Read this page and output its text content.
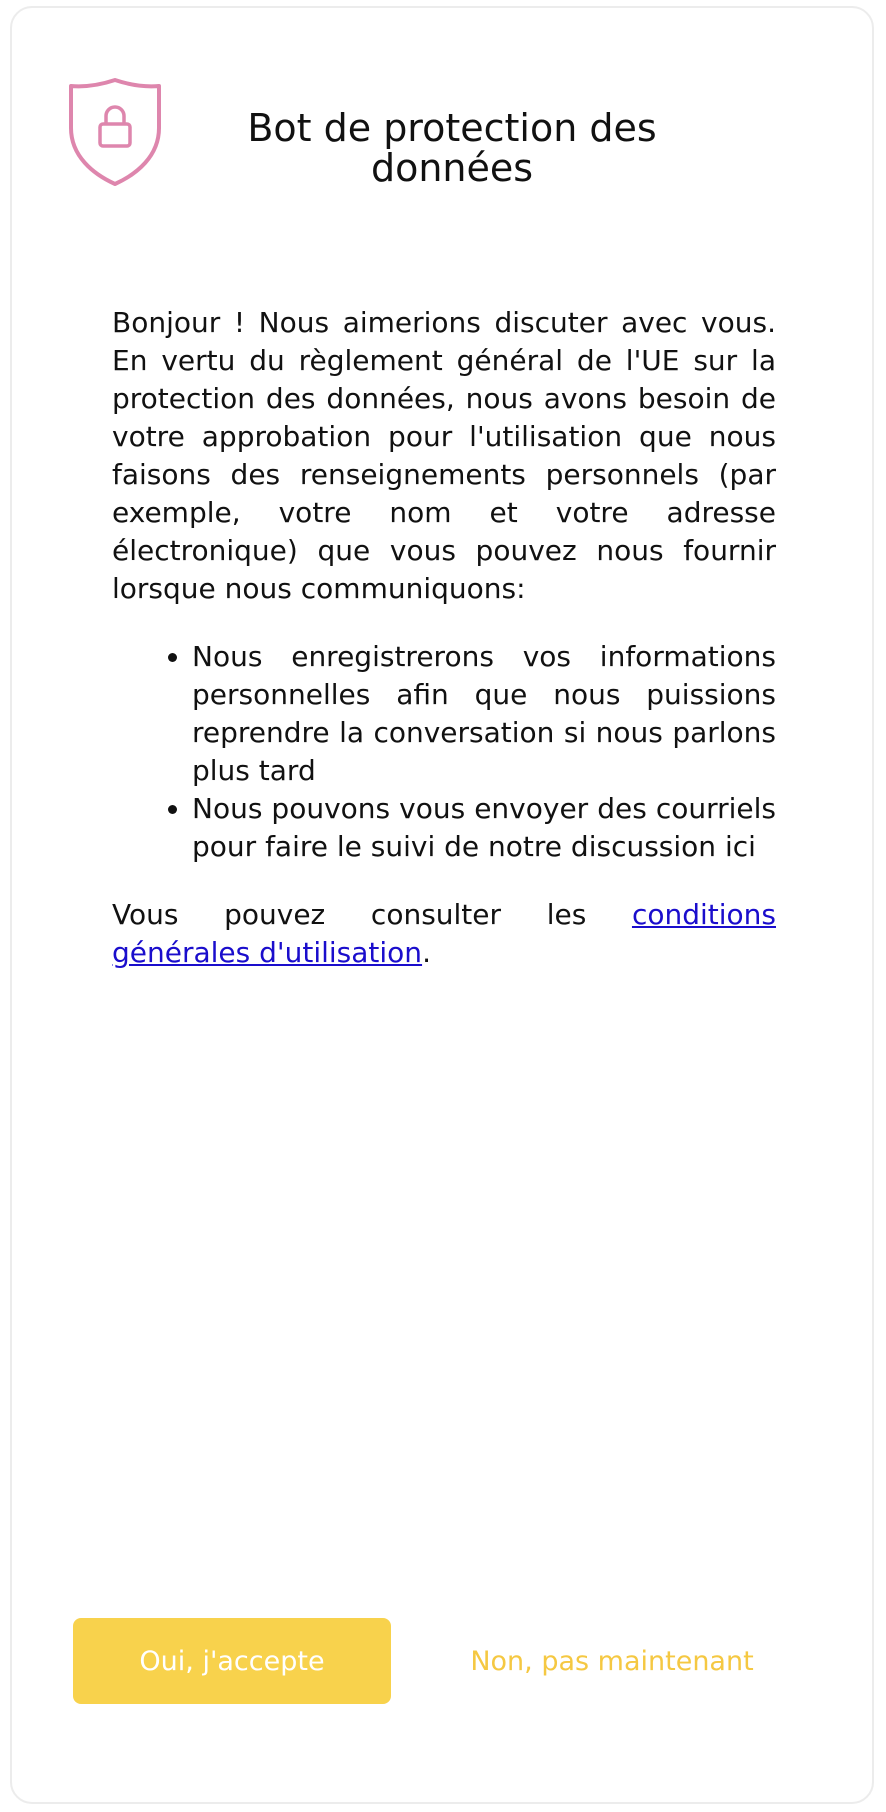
Bot de protection des données

Bonjour ! Nous aimerions discuter avec vous. En vertu du règlement général de l'UE sur la protection des données, nous avons besoin de votre approbation pour l'utilisation que nous faisons des renseignements personnels (par exemple, votre nom et votre adresse électronique) que vous pouvez nous fournir lorsque nous communiquons:

• Nous enregistrerons vos informations personnelles afin que nous puissions reprendre la conversation si nous parlons plus tard
• Nous pouvons vous envoyer des courriels pour faire le suivi de notre discussion ici

Vous pouvez consulter les conditions générales d'utilisation.

Oui, j'accepte	Non, pas maintenant
